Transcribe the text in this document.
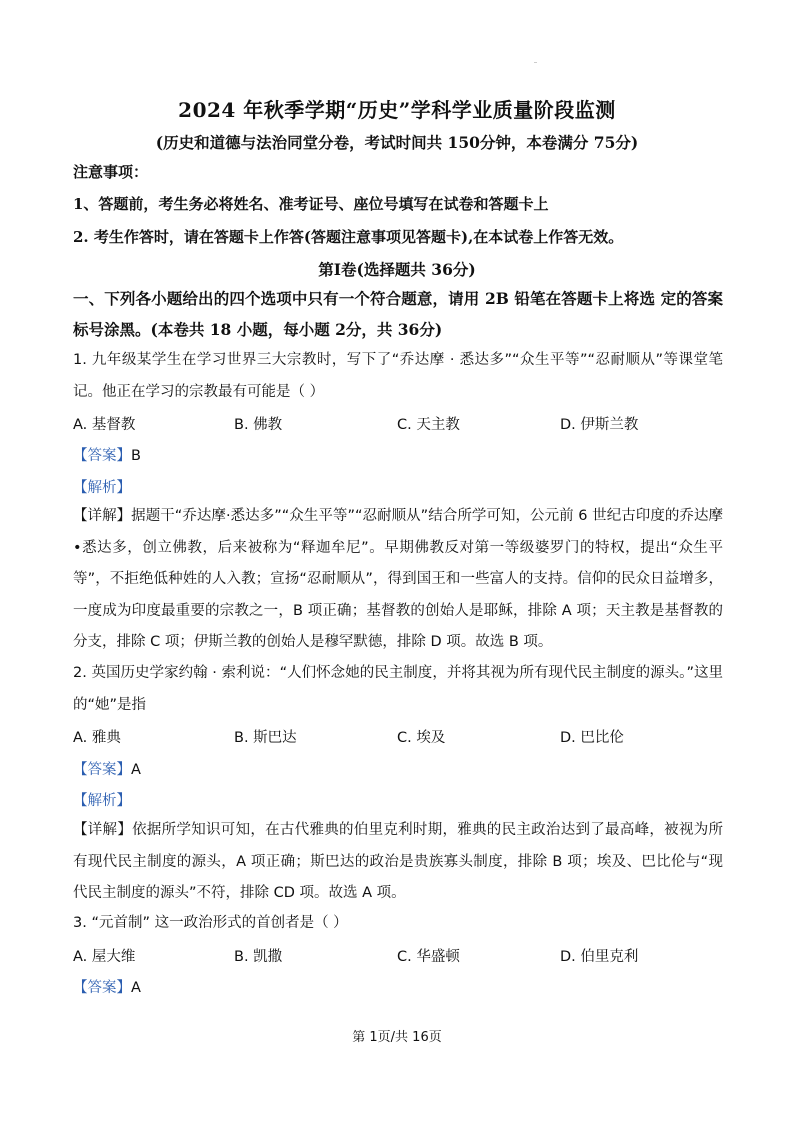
2024 年秋季学期“历史”学科学业质量阶段监测
(历史和道德与法治同堂分卷，考试时间共 150分钟，本卷满分 75分)
注意事项：
1、答题前，考生务必将姓名、准考证号、座位号填写在试卷和答题卡上
2. 考生作答时，请在答题卡上作答(答题注意事项见答题卡),在本试卷上作答无效。
第Ⅰ卷(选择题共 36分)
一、下列各小题给出的四个选项中只有一个符合题意，请用 2B 铅笔在答题卡上将选 定的答案标号涂黑。(本卷共 18 小题，每小题 2分，共 36分)
1. 九年级某学生在学习世界三大宗教时，写下了“乔达摩 · 悉达多”“众生平等”“忍耐顺从”等课堂笔记。他正在学习的宗教最有可能是（ ）
A. 基督教	B. 佛教	C. 天主教	D. 伊斯兰教
【答案】B
【解析】
【详解】据题干“乔达摩·悉达多”“众生平等”“忍耐顺从”结合所学可知，公元前 6 世纪古印度的乔达摩•悉达多，创立佛教，后来被称为“释迦牟尼”。早期佛教反对第一等级婆罗门的特权，提出“众生平等”，不拒绝低种姓的人入教；宣扬“忍耐顺从”，得到国王和一些富人的支持。信仰的民众日益增多，一度成为印度最重要的宗教之一，B 项正确；基督教的创始人是耶稣，排除 A 项；天主教是基督教的分支，排除 C 项；伊斯兰教的创始人是穆罕默德，排除 D 项。故选 B 项。
2. 英国历史学家约翰 · 索利说：“人们怀念她的民主制度，并将其视为所有现代民主制度的源头。”这里的“她”是指
A. 雅典	B. 斯巴达	C. 埃及	D. 巴比伦
【答案】A
【解析】
【详解】依据所学知识可知，在古代雅典的伯里克利时期，雅典的民主政治达到了最高峰，被视为所有现代民主制度的源头，A 项正确；斯巴达的政治是贵族寡头制度，排除 B 项；埃及、巴比伦与“现代民主制度的源头”不符，排除 CD 项。故选 A 项。
3. “元首制” 这一政治形式的首创者是（ ）
A. 屋大维	B. 凯撒	C. 华盛顿	D. 伯里克利
【答案】A
第 1页/共 16页
